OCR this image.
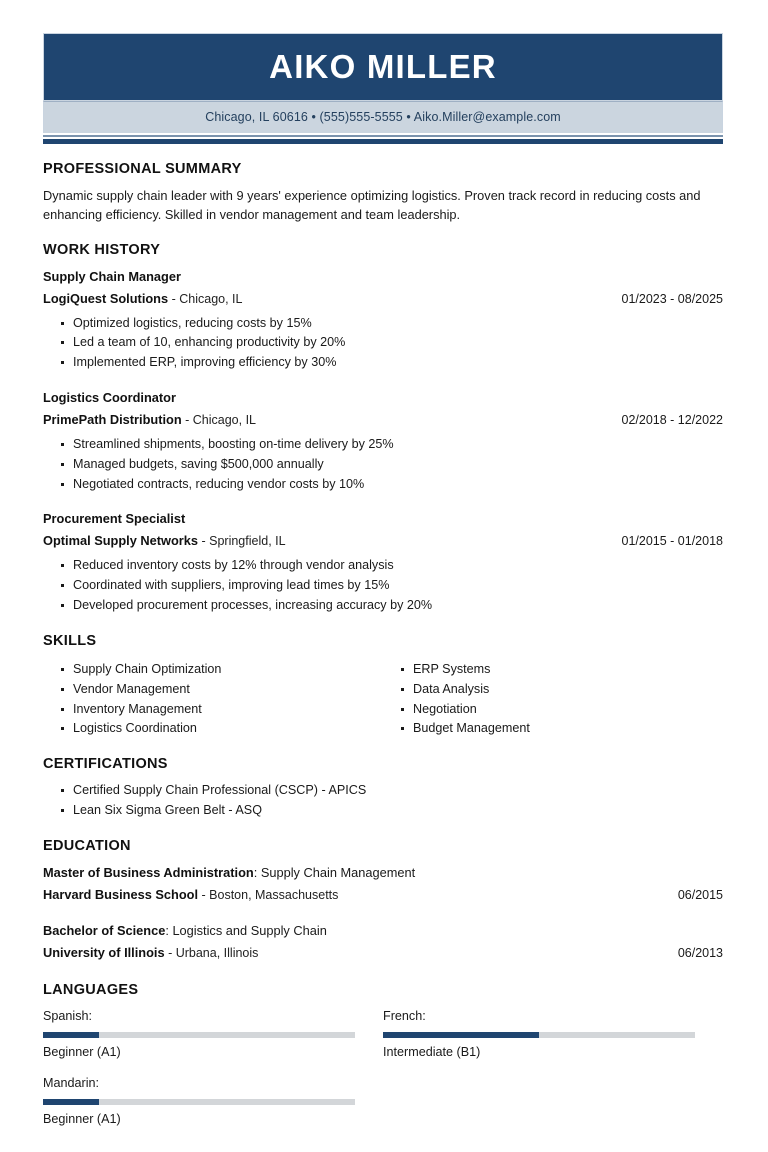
AIKO MILLER
Chicago, IL 60616 • (555)555-5555 • Aiko.Miller@example.com
PROFESSIONAL SUMMARY
Dynamic supply chain leader with 9 years' experience optimizing logistics. Proven track record in reducing costs and enhancing efficiency. Skilled in vendor management and team leadership.
WORK HISTORY
Supply Chain Manager
LogiQuest Solutions - Chicago, IL	01/2023 - 08/2025
Optimized logistics, reducing costs by 15%
Led a team of 10, enhancing productivity by 20%
Implemented ERP, improving efficiency by 30%
Logistics Coordinator
PrimePath Distribution - Chicago, IL	02/2018 - 12/2022
Streamlined shipments, boosting on-time delivery by 25%
Managed budgets, saving $500,000 annually
Negotiated contracts, reducing vendor costs by 10%
Procurement Specialist
Optimal Supply Networks - Springfield, IL	01/2015 - 01/2018
Reduced inventory costs by 12% through vendor analysis
Coordinated with suppliers, improving lead times by 15%
Developed procurement processes, increasing accuracy by 20%
SKILLS
Supply Chain Optimization
Vendor Management
Inventory Management
Logistics Coordination
ERP Systems
Data Analysis
Negotiation
Budget Management
CERTIFICATIONS
Certified Supply Chain Professional (CSCP) - APICS
Lean Six Sigma Green Belt - ASQ
EDUCATION
Master of Business Administration: Supply Chain Management
Harvard Business School - Boston, Massachusetts	06/2015
Bachelor of Science: Logistics and Supply Chain
University of Illinois - Urbana, Illinois	06/2013
LANGUAGES
Spanish:
Beginner (A1)
French:
Intermediate (B1)
Mandarin:
Beginner (A1)
